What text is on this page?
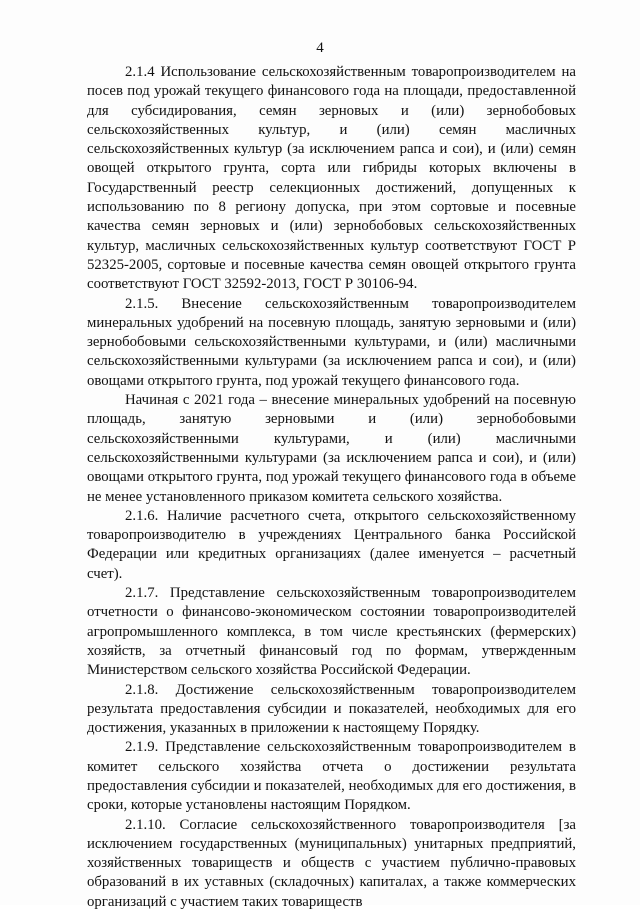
4

2.1.4 Использование сельскохозяйственным товаропроизводителем на посев под урожай текущего финансового года на площади, предоставленной для субсидирования, семян зерновых и (или) зернобобовых сельскохозяйственных культур, и (или) семян масличных сельскохозяйственных культур (за исключением рапса и сои), и (или) семян овощей открытого грунта, сорта или гибриды которых включены в Государственный реестр селекционных достижений, допущенных к использованию по 8 региону допуска, при этом сортовые и посевные качества семян зерновых и (или) зернобобовых сельскохозяйственных культур, масличных сельскохозяйственных культур соответствуют ГОСТ Р 52325-2005, сортовые и посевные качества семян овощей открытого грунта соответствуют ГОСТ 32592-2013, ГОСТ Р 30106-94.

2.1.5. Внесение сельскохозяйственным товаропроизводителем минеральных удобрений на посевную площадь, занятую зерновыми и (или) зернобобовыми сельскохозяйственными культурами, и (или) масличными сельскохозяйственными культурами (за исключением рапса и сои), и (или) овощами открытого грунта, под урожай текущего финансового года.

Начиная с 2021 года – внесение минеральных удобрений на посевную площадь, занятую зерновыми и (или) зернобобовыми сельскохозяйственными культурами, и (или) масличными сельскохозяйственными культурами (за исключением рапса и сои), и (или) овощами открытого грунта, под урожай текущего финансового года в объеме не менее установленного приказом комитета сельского хозяйства.

2.1.6. Наличие расчетного счета, открытого сельскохозяйственному товаропроизводителю в учреждениях Центрального банка Российской Федерации или кредитных организациях (далее именуется – расчетный счет).

2.1.7. Представление сельскохозяйственным товаропроизводителем отчетности о финансово-экономическом состоянии товаропроизводителей агропромышленного комплекса, в том числе крестьянских (фермерских) хозяйств, за отчетный финансовый год по формам, утвержденным Министерством сельского хозяйства Российской Федерации.

2.1.8. Достижение сельскохозяйственным товаропроизводителем результата предоставления субсидии и показателей, необходимых для его достижения, указанных в приложении к настоящему Порядку.

2.1.9. Представление сельскохозяйственным товаропроизводителем в комитет сельского хозяйства отчета о достижении результата предоставления субсидии и показателей, необходимых для его достижения, в сроки, которые установлены настоящим Порядком.

2.1.10. Согласие сельскохозяйственного товаропроизводителя [за исключением государственных (муниципальных) унитарных предприятий, хозяйственных товариществ и обществ с участием публично-правовых образований в их уставных (складочных) капиталах, а также коммерческих организаций с участием таких товариществ
